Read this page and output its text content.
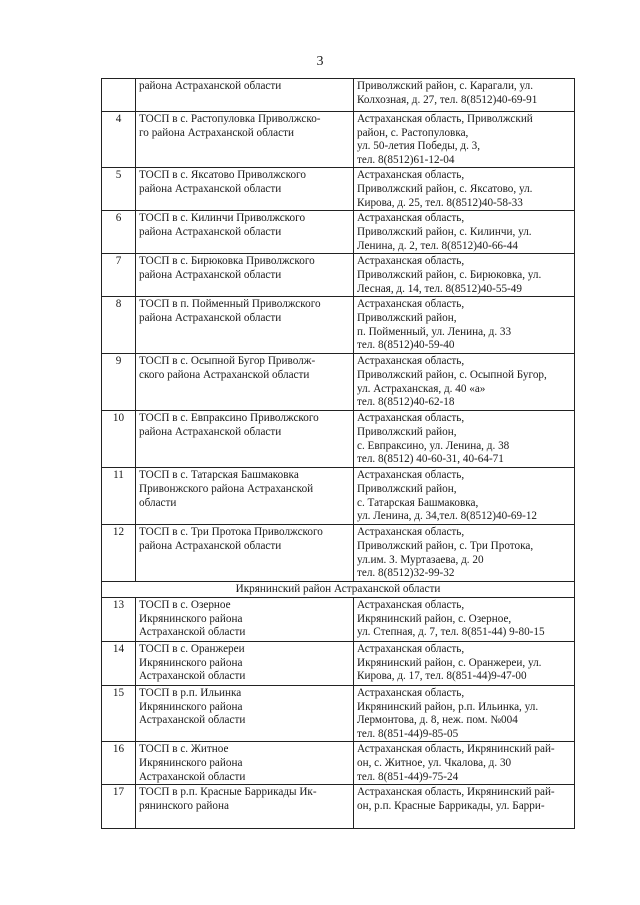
3

	района Астраханской области	Приволжский район, с. Карагали, ул.
Колхозная, д. 27, тел. 8(8512)40-69-91

4	ТОСП в с. Растопуловка Приволжско-
го района Астраханской области	Астраханская область, Приволжский
район, с. Растопуловка,
ул. 50-летия Победы, д. 3,
тел. 8(8512)61-12-04

5	ТОСП в с. Яксатово Приволжского
района Астраханской области	Астраханская область,
Приволжский район, с. Яксатово, ул.
Кирова, д. 25, тел. 8(8512)40-58-33

6	ТОСП в с. Килинчи Приволжского
района Астраханской области	Астраханская область,
Приволжский район, с. Килинчи, ул.
Ленина, д. 2, тел. 8(8512)40-66-44

7	ТОСП в с. Бирюковка Приволжского
района Астраханской области	Астраханская область,
Приволжский район, с. Бирюковка, ул.
Лесная, д. 14, тел. 8(8512)40-55-49

8	ТОСП в п. Пойменный Приволжского
района Астраханской области	Астраханская область,
Приволжский район,
п. Пойменный, ул. Ленина, д. 33
тел. 8(8512)40-59-40

9	ТОСП в с. Осыпной Бугор Приволж-
ского района Астраханской области	Астраханская область,
Приволжский район, с. Осыпной Бугор,
ул. Астраханская, д. 40 «а»
тел. 8(8512)40-62-18

10	ТОСП в с. Евпраксино Приволжского
района Астраханской области	Астраханская область,
Приволжский район,
с. Евпраксино, ул. Ленина, д. 38
тел. 8(8512) 40-60-31, 40-64-71

11	ТОСП в с. Татарская Башмаковка
Привонжского района Астраханской
области	Астраханская область,
Приволжский район,
с. Татарская Башмаковка,
ул. Ленина, д. 34,тел. 8(8512)40-69-12

12	ТОСП в с. Три Протока Приволжского
района Астраханской области	Астраханская область,
Приволжский район, с. Три Протока,
ул.им. З. Муртазаева, д. 20
тел. 8(8512)32-99-32

Икрянинский район Астраханской области		
13	ТОСП в с. Озерное
Икрянинского района
Астраханской области	Астраханская область,
Икрянинский район, с. Озерное,
ул. Степная, д. 7, тел. 8(851-44) 9-80-15

14	ТОСП в с. Оранжереи
Икрянинского района
Астраханской области	Астраханская область,
Икрянинский район, с. Оранжереи, ул.
Кирова, д. 17, тел. 8(851-44)9-47-00

15	ТОСП в р.п. Ильинка
Икрянинского района
Астраханской области	Астраханская область,
Икрянинский район, р.п. Ильинка, ул.
Лермонтова, д. 8, неж. пом. №004
тел. 8(851-44)9-85-05

16	ТОСП в с. Житное
Икрянинского района
Астраханской области	Астраханская область, Икрянинский рай-
он, с. Житное, ул. Чкалова, д. 30
тел. 8(851-44)9-75-24

17	ТОСП в р.п. Красные Баррикады Ик-
рянинского района	Астраханская область, Икрянинский рай-
он, р.п. Красные Баррикады, ул. Барри-
